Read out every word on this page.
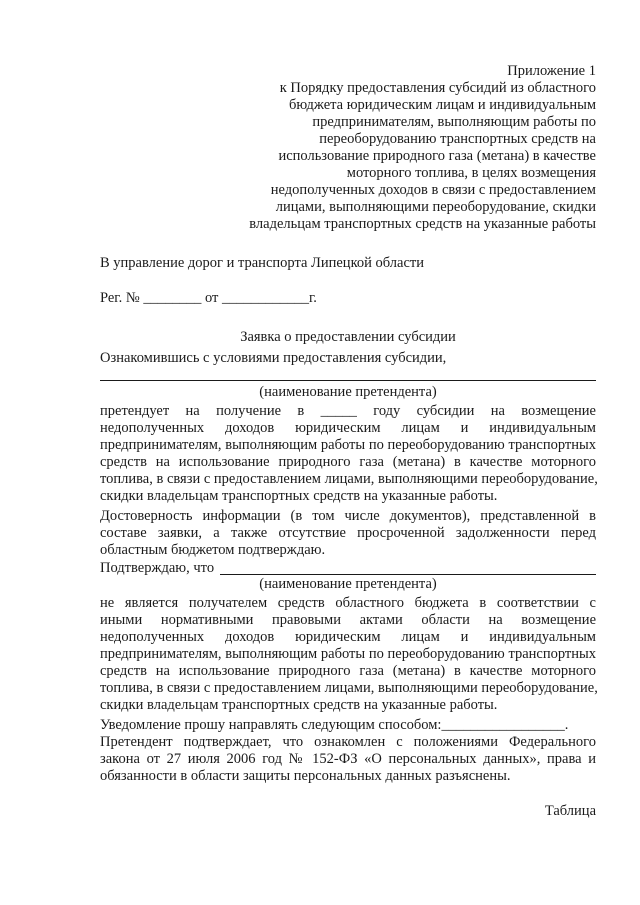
Приложение 1
к Порядку предоставления субсидий из областного
бюджета юридическим лицам и индивидуальным
предпринимателям, выполняющим работы по
переоборудованию транспортных средств на
использование природного газа (метана) в качестве
моторного топлива, в целях возмещения
недополученных доходов в связи с предоставлением
лицами, выполняющими переоборудование, скидки
владельцам транспортных средств на указанные работы
В управление дорог и транспорта Липецкой области
Рег. № ________ от ____________г.
Заявка о предоставлении субсидии
Ознакомившись с условиями предоставления субсидии,
(наименование претендента)
претендует на получение в _____ году субсидии на возмещение
недополученных доходов юридическим лицам и индивидуальным
предпринимателям, выполняющим работы по переоборудованию транспортных
средств на использование природного газа (метана) в качестве моторного
топлива, в связи с предоставлением лицами, выполняющими переоборудование,
скидки владельцам транспортных средств на указанные работы.
Достоверность информации (в том числе документов), представленной в
составе заявки, а также отсутствие просроченной задолженности перед
областным бюджетом подтверждаю.
Подтверждаю, что
(наименование претендента)
не является получателем средств областного бюджета в соответствии с
иными нормативными правовыми актами области на возмещение
недополученных доходов юридическим лицам и индивидуальным
предпринимателям, выполняющим работы по переоборудованию транспортных
средств на использование природного газа (метана) в качестве моторного
топлива, в связи с предоставлением лицами, выполняющими переоборудование,
скидки владельцам транспортных средств на указанные работы.
Уведомление прошу направлять следующим способом:_________________.
Претендент подтверждает, что ознакомлен с положениями Федерального
закона от 27 июля 2006 год № 152-ФЗ «О персональных данных», права и
обязанности в области защиты персональных данных разъяснены.
Таблица
